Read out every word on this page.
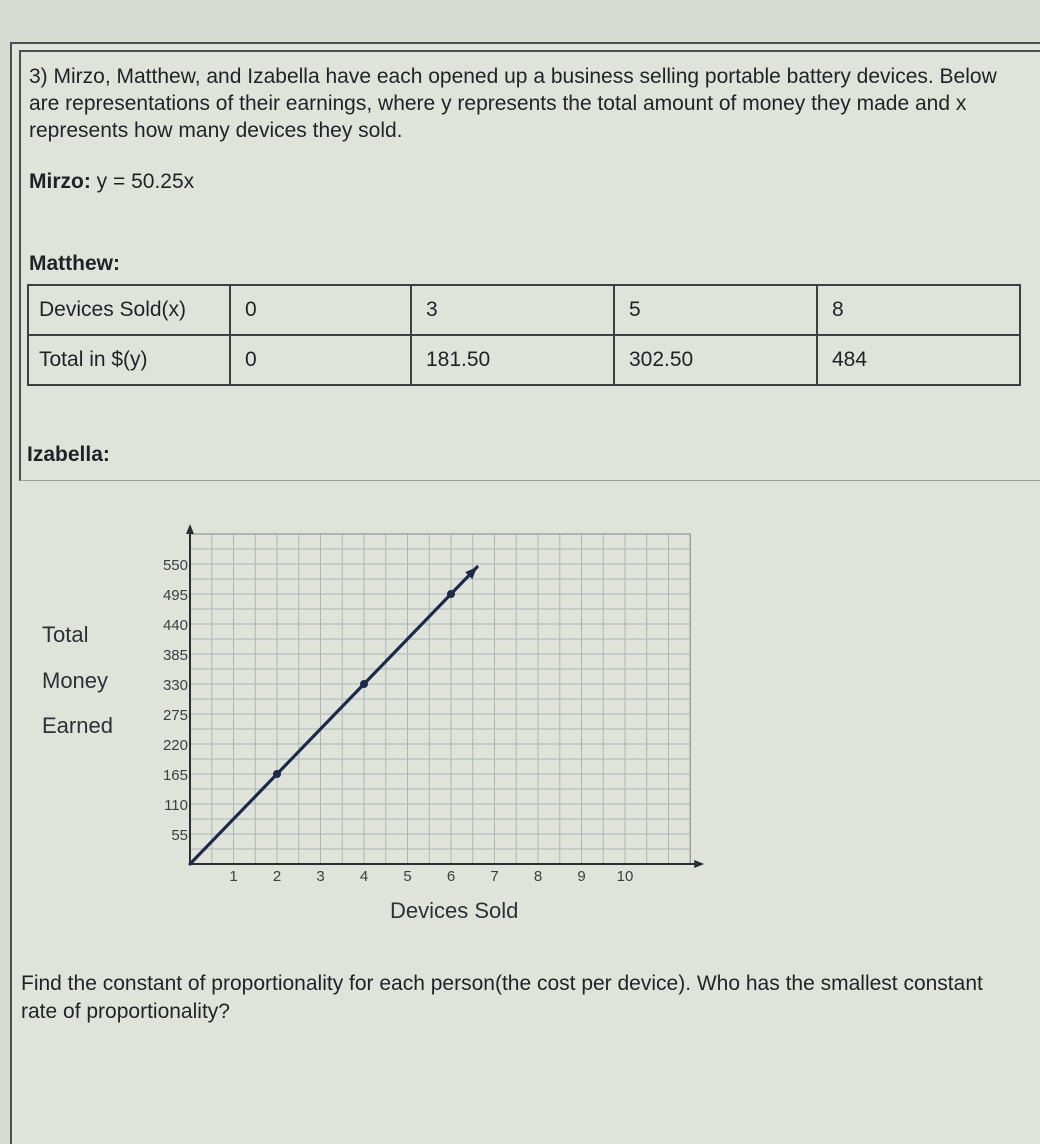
3) Mirzo, Matthew, and Izabella have each opened up a business selling portable battery devices. Below are representations of their earnings, where y represents the total amount of money they made and x represents how many devices they sold.

Mirzo: y = 50.25x
Matthew:
Devices Sold(x)	0	3	5	8
Total in $(y)	0	181.50	302.50	484
Izabella:
Total
Money
Earned
55
110
165
220
275
330
385
440
495
550
1 2 3 4 5 6 7 8 9 10
Devices Sold

Find the constant of proportionality for each person(the cost per device). Who has the smallest constant rate of proportionality?
